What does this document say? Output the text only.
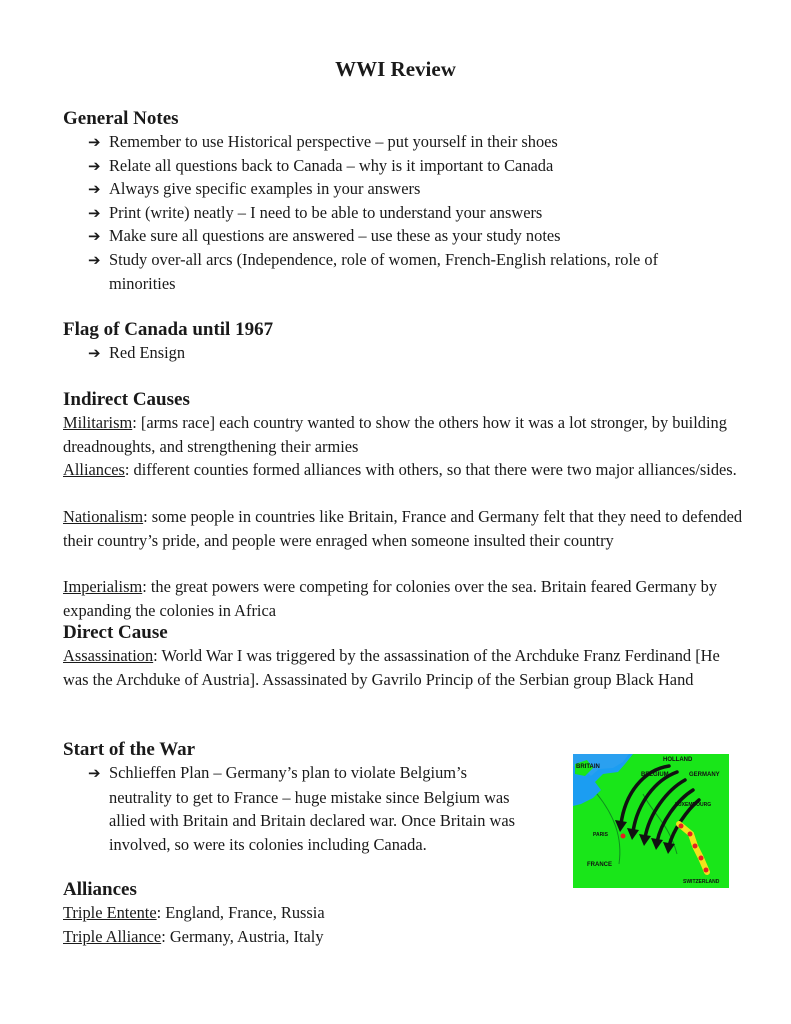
WWI Review
General Notes

➔ Remember to use Historical perspective – put yourself in their shoes

➔ Relate all questions back to Canada – why is it important to Canada

➔ Always give specific examples in your answers

➔ Print (write) neatly – I need to be able to understand your answers

➔ Make sure all questions are answered – use these as your study notes

➔ Study over-all arcs (Independence, role of women, French-English relations, role of
minorities

Flag of Canada until 1967

➔ Red Ensign

Indirect Causes

Militarism: [arms race] each country wanted to show the others how it was a lot stronger, by building dreadnoughts, and strengthening their armies

Alliances: different counties formed alliances with others, so that there were two major alliances/sides.

Nationalism: some people in countries like Britain, France and Germany felt that they need to defended their country’s pride, and people were enraged when someone insulted their country

Imperialism: the great powers were competing for colonies over the sea. Britain feared Germany by expanding the colonies in Africa

Direct Cause

Assassination: World War I was triggered by the assassination of the Archduke Franz Ferdinand [He was the Archduke of Austria]. Assassinated by Gavrilo Princip of the Serbian group Black Hand

Start of the War

➔ Schlieffen Plan – Germany’s plan to violate Belgium’s
neutrality to get to France – huge mistake since Belgium was
allied with Britain and Britain declared war. Once Britain was
involved, so were its colonies including Canada.

BRITAIN
HOLLAND
BELGIUM	GERMANY
LUXEMBOURG
PARIS
FRANCE
SWITZERLAND
Alliances

Triple Entente: England, France, Russia

Triple Alliance: Germany, Austria, Italy
